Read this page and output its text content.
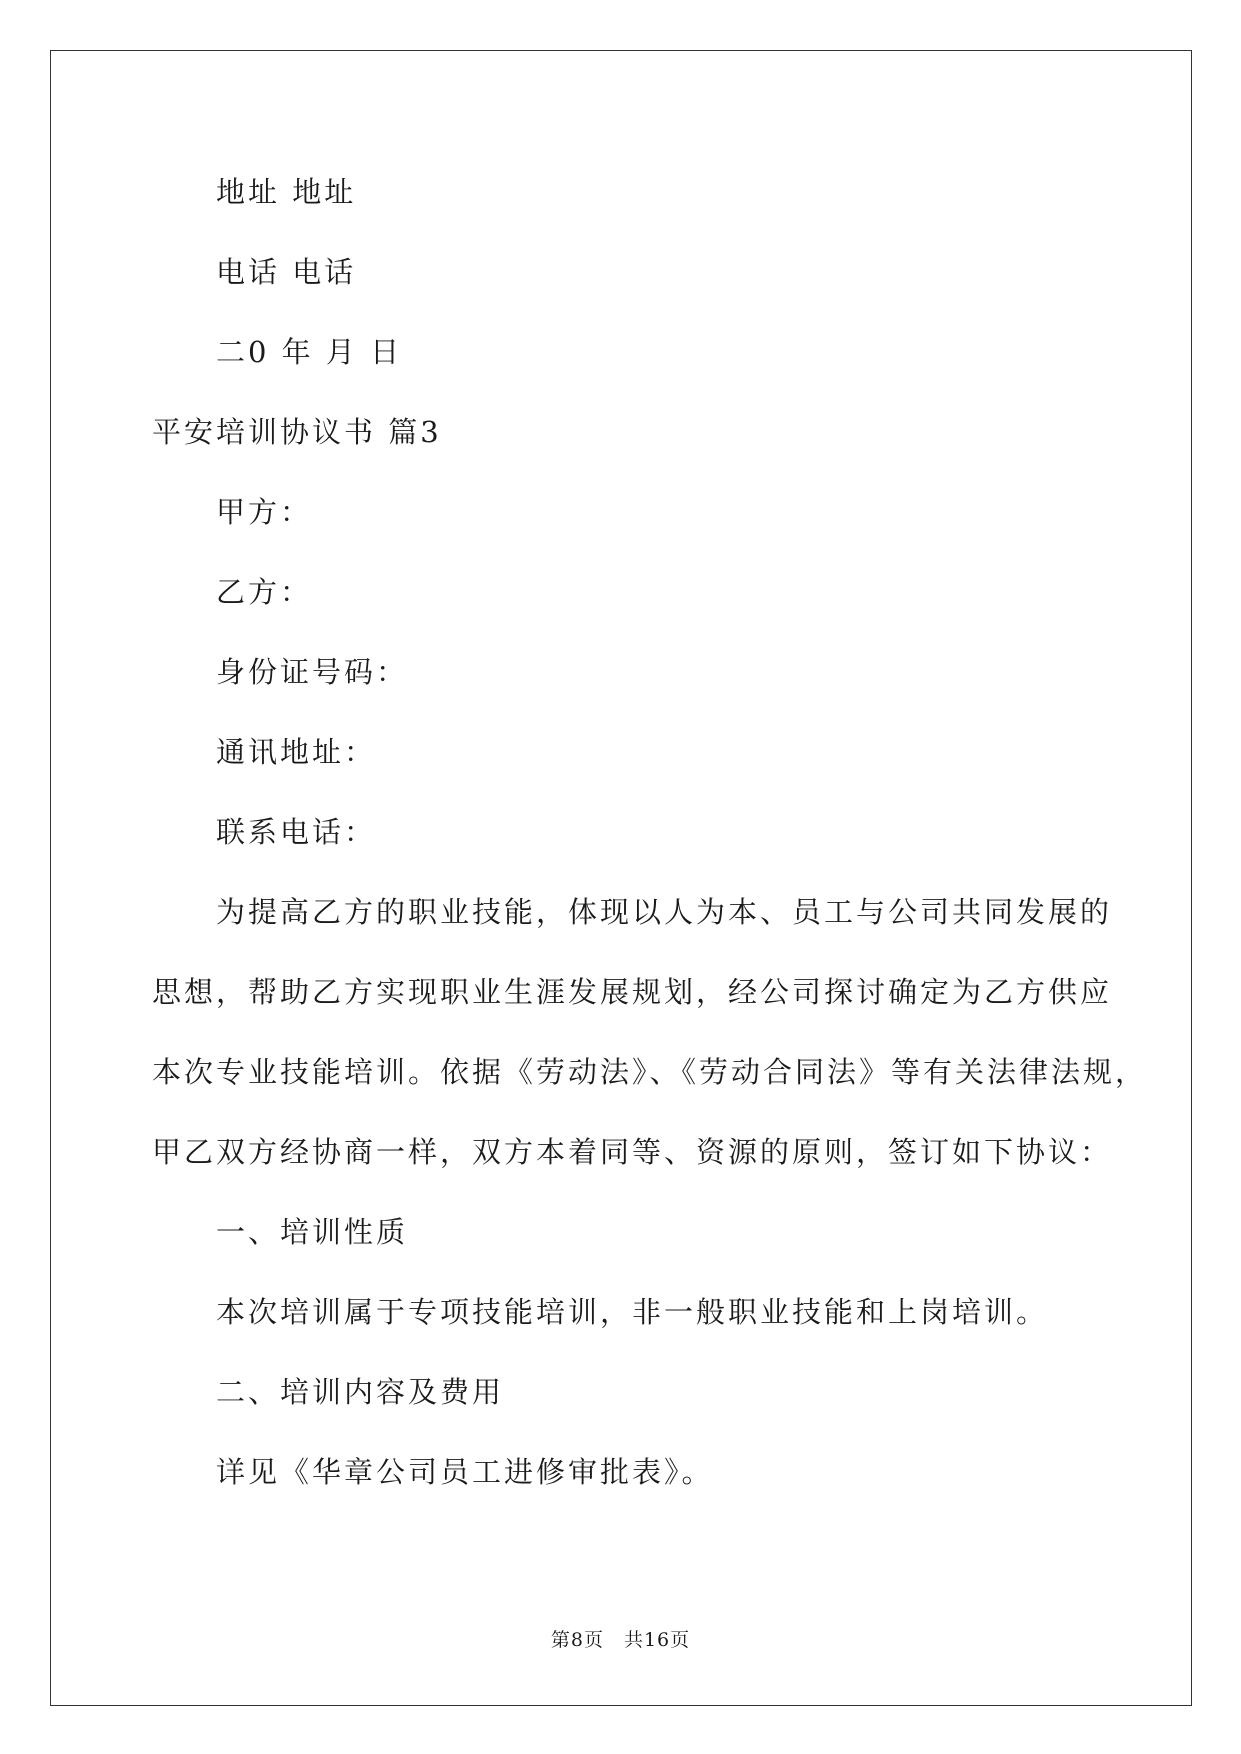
地址 地址
电话 电话
二0 年 月 日
平安培训协议书 篇3
甲方：
乙方：
身份证号码：
通讯地址：
联系电话：
为提高乙方的职业技能，体现以人为本、员工与公司共同发展的
思想，帮助乙方实现职业生涯发展规划，经公司探讨确定为乙方供应
本次专业技能培训。依据《劳动法》、《劳动合同法》等有关法律法规，
甲乙双方经协商一样，双方本着同等、资源的原则，签订如下协议：
一、培训性质
本次培训属于专项技能培训，非一般职业技能和上岗培训。
二、培训内容及费用
详见《华章公司员工进修审批表》。
第8页　共16页
